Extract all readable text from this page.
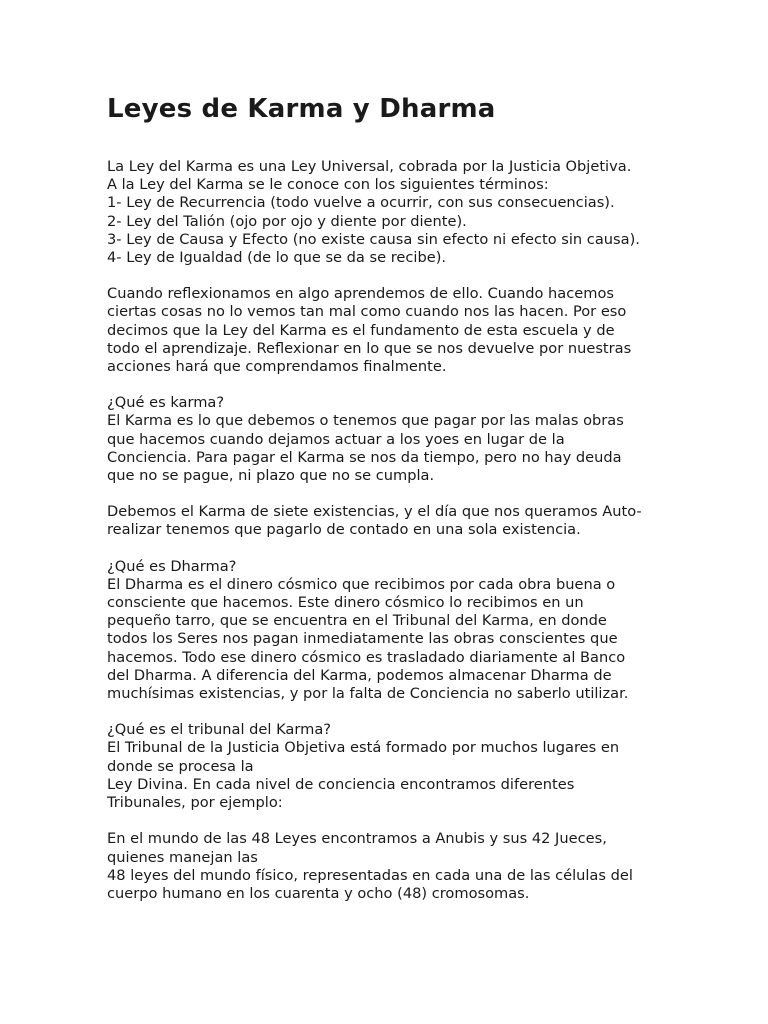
Leyes de Karma y Dharma

La Ley del Karma es una Ley Universal, cobrada por la Justicia Objetiva.
A la Ley del Karma se le conoce con los siguientes términos:
1- Ley de Recurrencia (todo vuelve a ocurrir, con sus consecuencias).
2- Ley del Talión (ojo por ojo y diente por diente).
3- Ley de Causa y Efecto (no existe causa sin efecto ni efecto sin causa).
4- Ley de Igualdad (de lo que se da se recibe).

Cuando reflexionamos en algo aprendemos de ello. Cuando hacemos
ciertas cosas no lo vemos tan mal como cuando nos las hacen. Por eso
decimos que la Ley del Karma es el fundamento de esta escuela y de
todo el aprendizaje. Reflexionar en lo que se nos devuelve por nuestras
acciones hará que comprendamos finalmente.

¿Qué es karma?
El Karma es lo que debemos o tenemos que pagar por las malas obras
que hacemos cuando dejamos actuar a los yoes en lugar de la
Conciencia. Para pagar el Karma se nos da tiempo, pero no hay deuda
que no se pague, ni plazo que no se cumpla.

Debemos el Karma de siete existencias, y el día que nos queramos Auto-
realizar tenemos que pagarlo de contado en una sola existencia.

¿Qué es Dharma?
El Dharma es el dinero cósmico que recibimos por cada obra buena o
consciente que hacemos. Este dinero cósmico lo recibimos en un
pequeño tarro, que se encuentra en el Tribunal del Karma, en donde
todos los Seres nos pagan inmediatamente las obras conscientes que
hacemos. Todo ese dinero cósmico es trasladado diariamente al Banco
del Dharma. A diferencia del Karma, podemos almacenar Dharma de
muchísimas existencias, y por la falta de Conciencia no saberlo utilizar.

¿Qué es el tribunal del Karma?
El Tribunal de la Justicia Objetiva está formado por muchos lugares en
donde se procesa la
Ley Divina. En cada nivel de conciencia encontramos diferentes
Tribunales, por ejemplo:

En el mundo de las 48 Leyes encontramos a Anubis y sus 42 Jueces,
quienes manejan las
48 leyes del mundo físico, representadas en cada una de las células del
cuerpo humano en los cuarenta y ocho (48) cromosomas.
